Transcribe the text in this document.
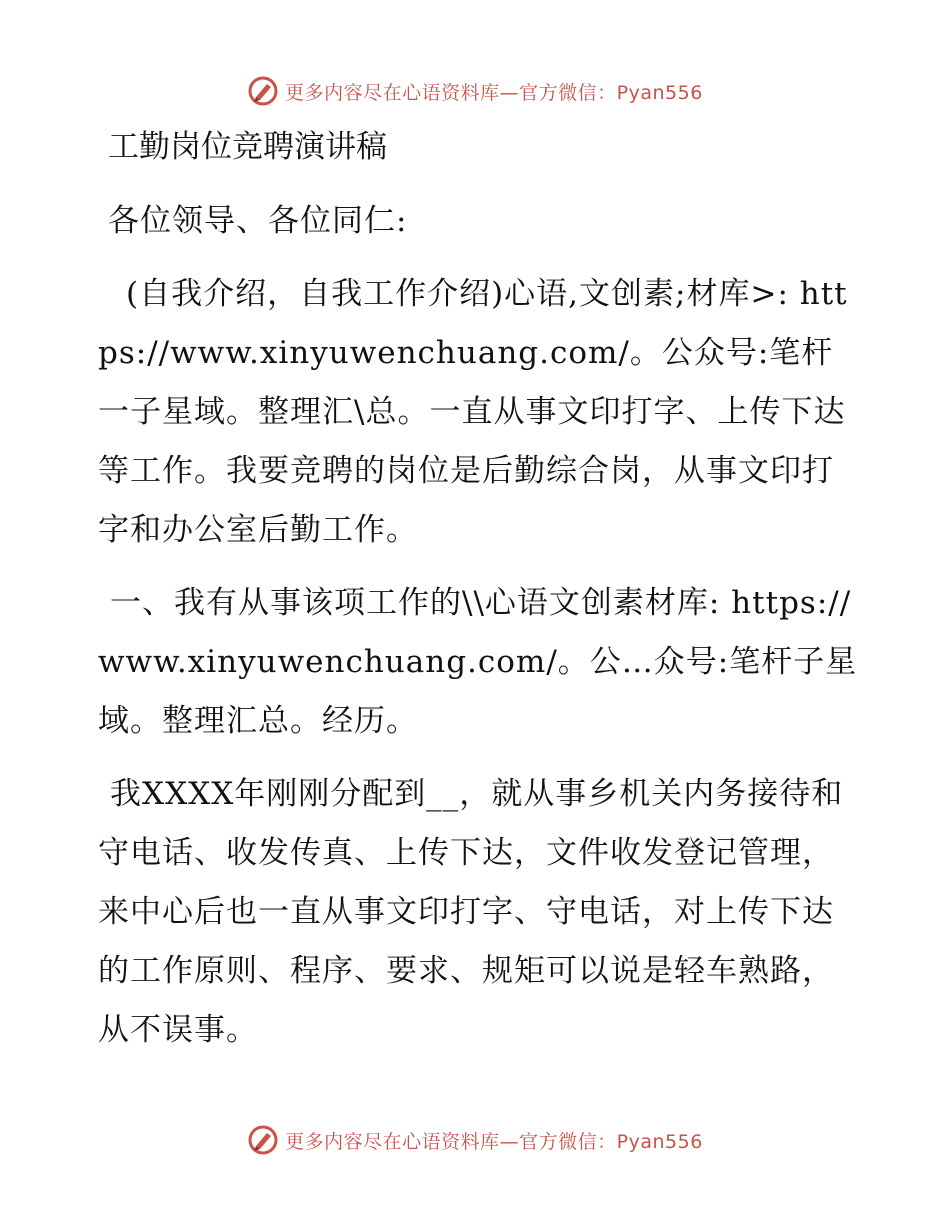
更多内容尽在心语资料库—官方微信：Pyan556
工勤岗位竞聘演讲稿

各位领导、各位同仁:

(自我介绍，自我工作介绍)心语,文创素;材库>: https://www.xinyuwenchuang.com/。公众号:笔杆一子星域。整理汇\总。一直从事文印打字、上传下达等工作。我要竞聘的岗位是后勤综合岗，从事文印打字和办公室后勤工作。

一、我有从事该项工作的\\心语文创素材库: https://www.xinyuwenchuang.com/。公…众号:笔杆子星域。整理汇总。经历。

我XXXX年刚刚分配到__，就从事乡机关内务接待和守电话、收发传真、上传下达，文件收发登记管理，来中心后也一直从事文印打字、守电话，对上传下达的工作原则、程序、要求、规矩可以说是轻车熟路，从不误事。

更多内容尽在心语资料库—官方微信：Pyan556
